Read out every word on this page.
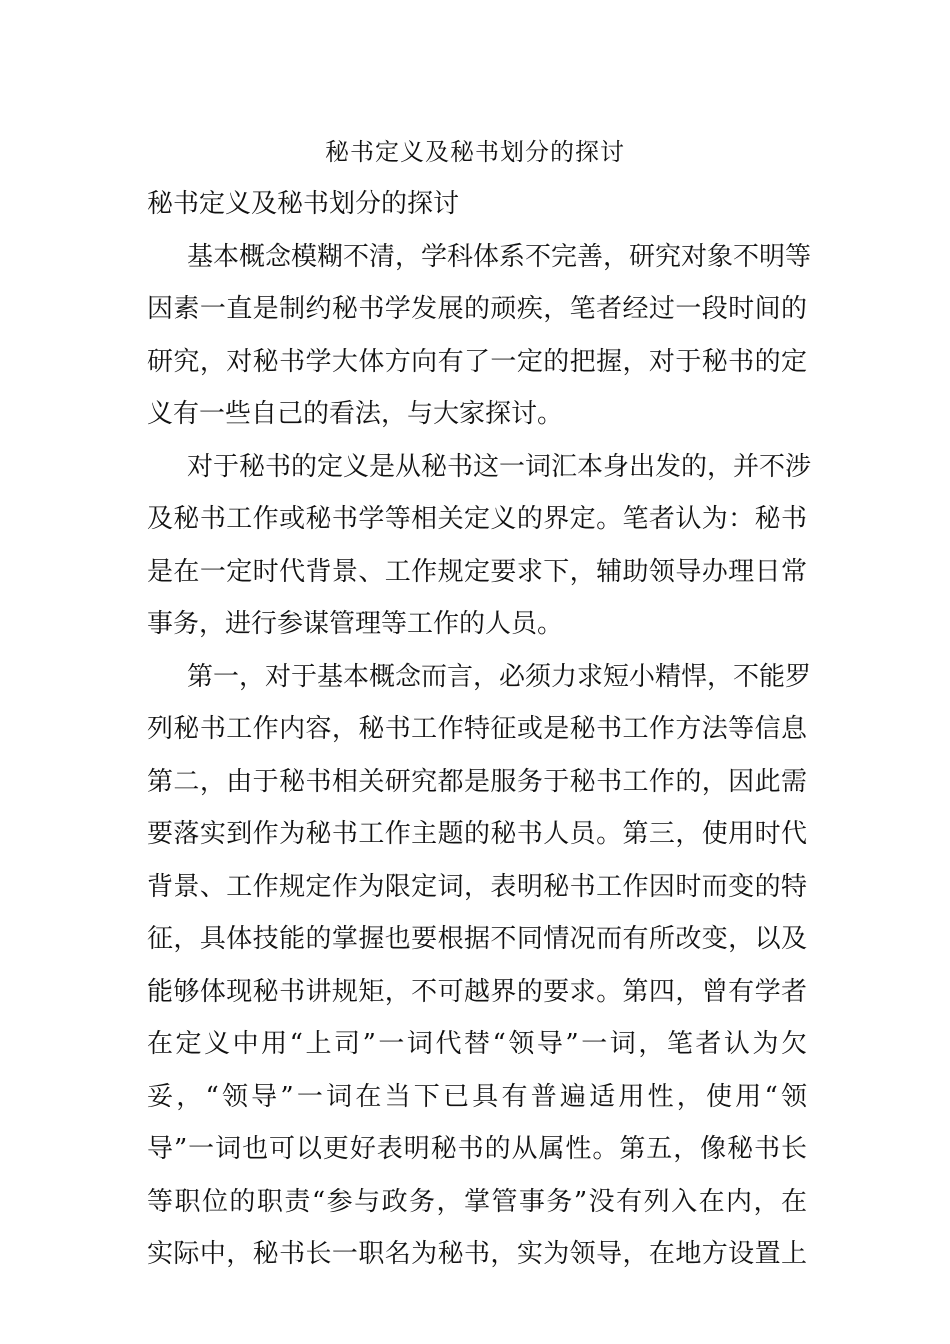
秘书定义及秘书划分的探讨
秘书定义及秘书划分的探讨
基本概念模糊不清，学科体系不完善，研究对象不明等
因素一直是制约秘书学发展的顽疾，笔者经过一段时间的
研究，对秘书学大体方向有了一定的把握，对于秘书的定
义有一些自己的看法，与大家探讨。
对于秘书的定义是从秘书这一词汇本身出发的，并不涉
及秘书工作或秘书学等相关定义的界定。笔者认为：秘书
是在一定时代背景、工作规定要求下，辅助领导办理日常
事务，进行参谋管理等工作的人员。
第一，对于基本概念而言，必须力求短小精悍，不能罗
列秘书工作内容，秘书工作特征或是秘书工作方法等信息
第二，由于秘书相关研究都是服务于秘书工作的，因此需
要落实到作为秘书工作主题的秘书人员。第三，使用时代
背景、工作规定作为限定词，表明秘书工作因时而变的特
征，具体技能的掌握也要根据不同情况而有所改变，以及
能够体现秘书讲规矩，不可越界的要求。第四，曾有学者
在定义中用“上司”一词代替“领导”一词，笔者认为欠
妥，“领导”一词在当下已具有普遍适用性，使用“领
导”一词也可以更好表明秘书的从属性。第五，像秘书长
等职位的职责“参与政务，掌管事务”没有列入在内，在
实际中，秘书长一职名为秘书，实为领导，在地方设置上
